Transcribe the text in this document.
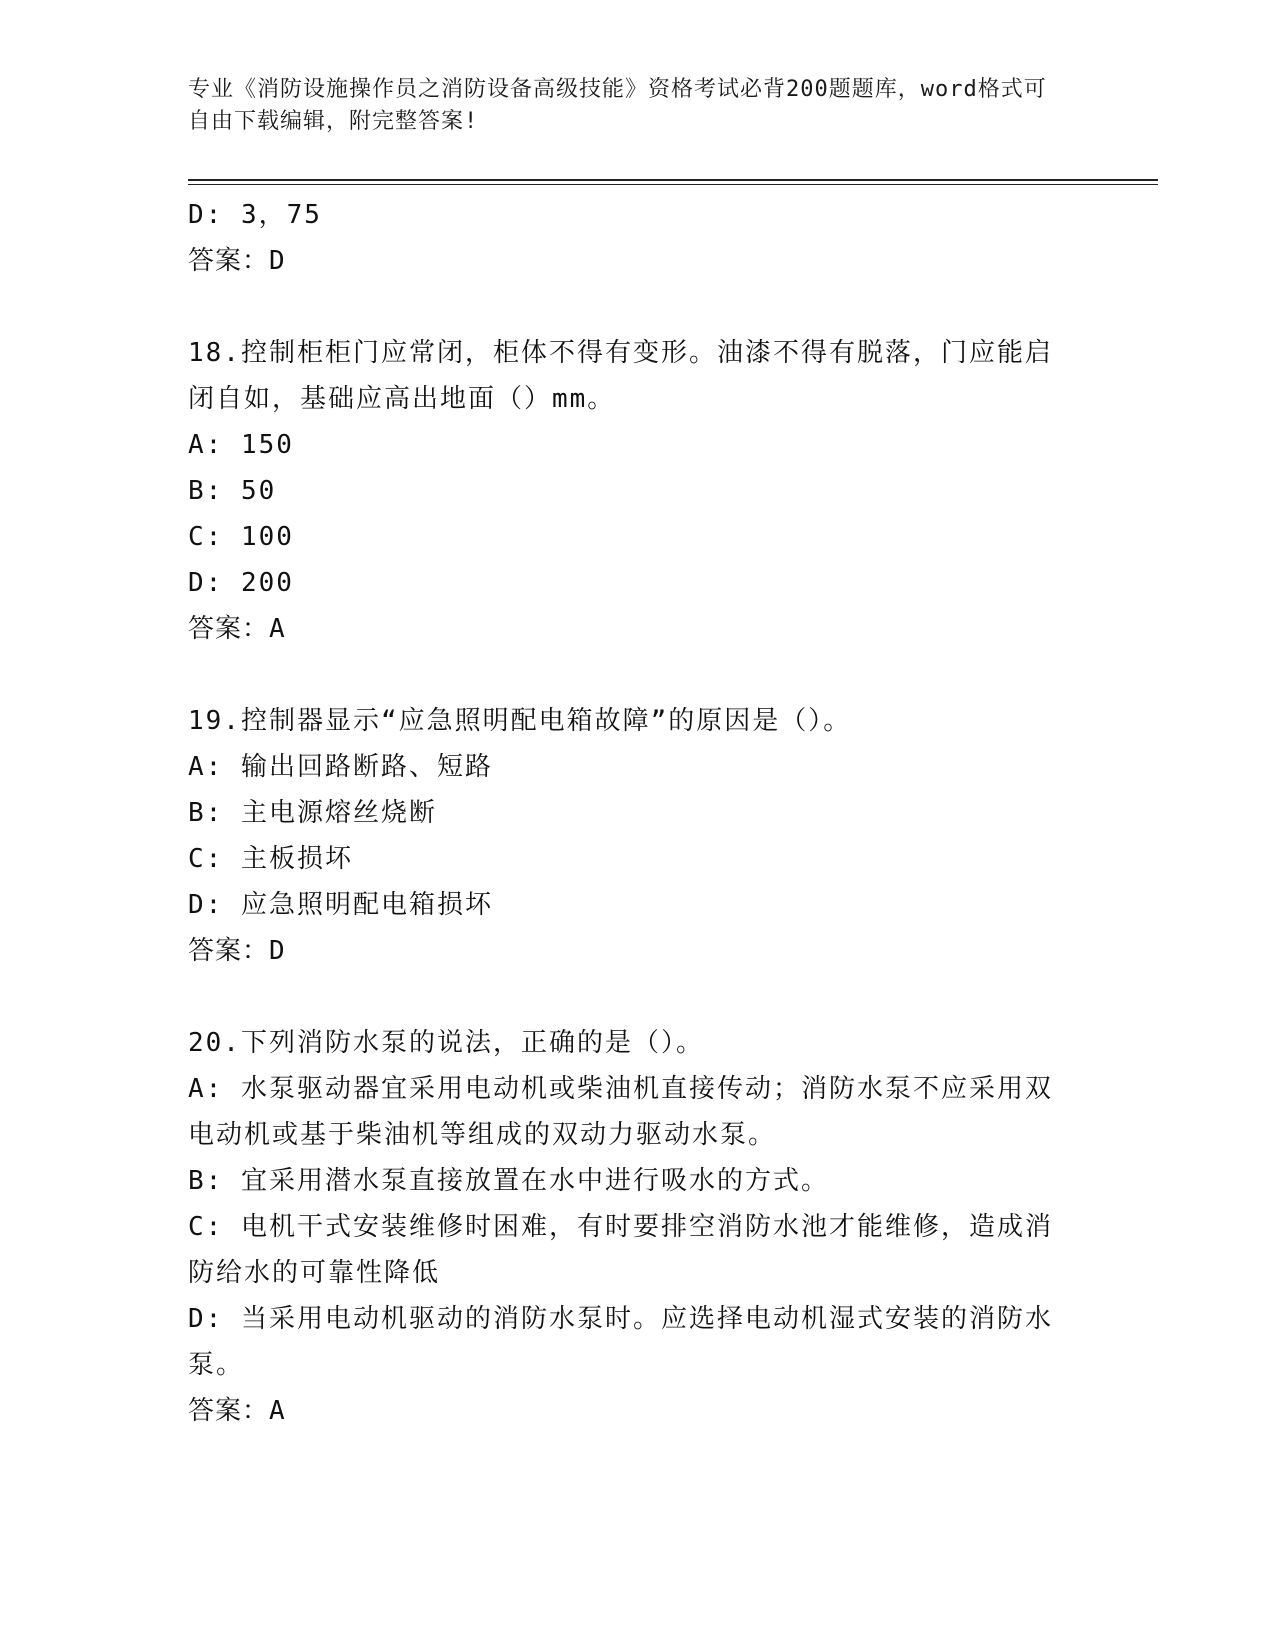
专业《消防设施操作员之消防设备高级技能》资格考试必背200题题库，word格式可自由下载编辑，附完整答案!
D: 3，75
答案：D
18.控制柜柜门应常闭，柜体不得有变形。油漆不得有脱落，门应能启闭自如，基础应高出地面（）mm。
A: 150
B: 50
C: 100
D: 200
答案：A
19.控制器显示“应急照明配电箱故障”的原因是（）。
A: 输出回路断路、短路
B: 主电源熔丝烧断
C: 主板损坏
D: 应急照明配电箱损坏
答案：D
20.下列消防水泵的说法，正确的是（）。
A: 水泵驱动器宜采用电动机或柴油机直接传动；消防水泵不应采用双电动机或基于柴油机等组成的双动力驱动水泵。
B: 宜采用潜水泵直接放置在水中进行吸水的方式。
C: 电机干式安装维修时困难，有时要排空消防水池才能维修，造成消防给水的可靠性降低
D: 当采用电动机驱动的消防水泵时。应选择电动机湿式安装的消防水泵。
答案：A
